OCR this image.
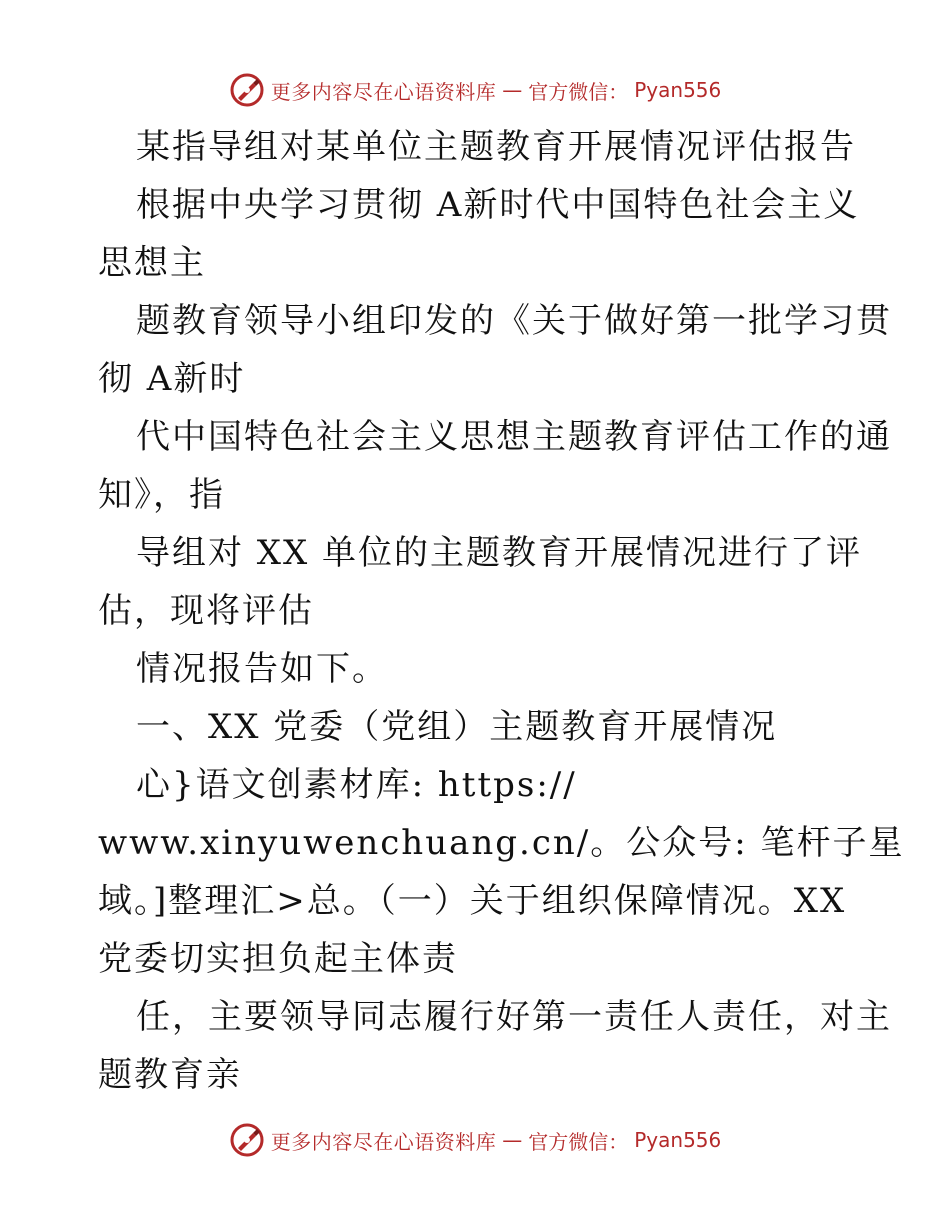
更多内容尽在心语资料库 — 官方微信： Pyan556
某指导组对某单位主题教育开展情况评估报告
根据中央学习贯彻 A新时代中国特色社会主义
思想主
题教育领导小组印发的《关于做好第一批学习贯
彻 A新时
代中国特色社会主义思想主题教育评估工作的通
知》，指
导组对 XX 单位的主题教育开展情况进行了评
估，现将评估
情况报告如下。
一、XX 党委（党组）主题教育开展情况
心}语文创素材库: https://
www.xinyuwenchuang.cn/。公众号: 笔杆子星
域。]整理汇>总。（一）关于组织保障情况。XX
党委切实担负起主体责
任，主要领导同志履行好第一责任人责任，对主
题教育亲
更多内容尽在心语资料库 — 官方微信： Pyan556
